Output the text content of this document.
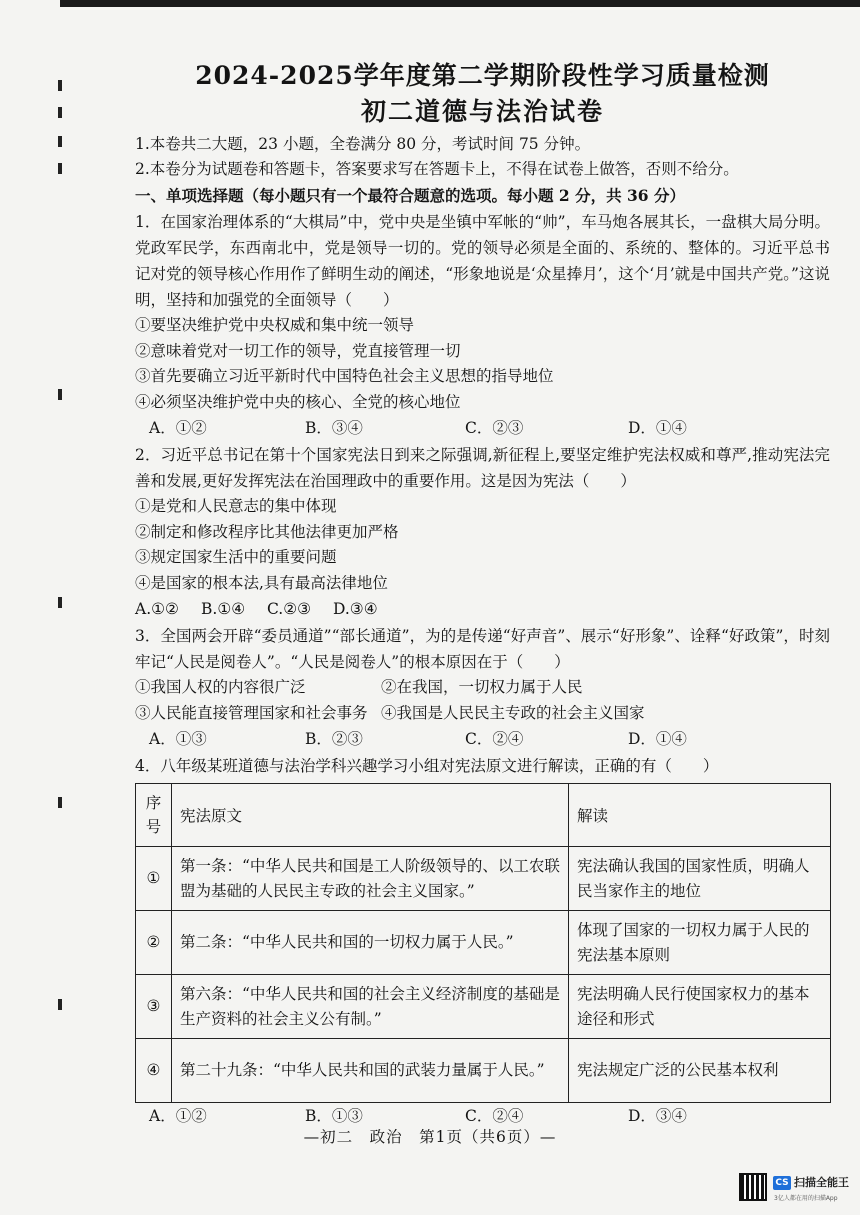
2024-2025学年度第二学期阶段性学习质量检测
初二道德与法治试卷
1.本卷共二大题，23 小题，全卷满分 80 分，考试时间 75 分钟。
2.本卷分为试题卷和答题卡，答案要求写在答题卡上，不得在试卷上做答，否则不给分。
一、单项选择题（每小题只有一个最符合题意的选项。每小题 2 分，共 36 分）
1．在国家治理体系的“大棋局”中，党中央是坐镇中军帐的“帅”，车马炮各展其长，一盘棋大局分明。党政军民学，东西南北中，党是领导一切的。党的领导必须是全面的、系统的、整体的。习近平总书记对党的领导核心作用作了鲜明生动的阐述，“形象地说是‘众星捧月’，这个‘月’就是中国共产党。”这说明，坚持和加强党的全面领导（　　）
①要坚决维护党中央权威和集中统一领导
②意味着党对一切工作的领导，党直接管理一切
③首先要确立习近平新时代中国特色社会主义思想的指导地位
④必须坚决维护党中央的核心、全党的核心地位
A．①②	B．③④	C．②③	D．①④
2．习近平总书记在第十个国家宪法日到来之际强调,新征程上,要坚定维护宪法权威和尊严,推动宪法完善和发展,更好发挥宪法在治国理政中的重要作用。这是因为宪法（　　）
①是党和人民意志的集中体现
②制定和修改程序比其他法律更加严格
③规定国家生活中的重要问题
④是国家的根本法,具有最高法律地位
A.①②	B.①④	C.②③	D.③④
3．全国两会开辟“委员通道”“部长通道”，为的是传递“好声音”、展示“好形象”、诠释“好政策”，时刻牢记“人民是阅卷人”。“人民是阅卷人”的根本原因在于（　　）
①我国人权的内容很广泛	②在我国，一切权力属于人民
③人民能直接管理国家和社会事务 ④我国是人民民主专政的社会主义国家
A．①③	B．②③	C．②④	D．①④
4．八年级某班道德与法治学科兴趣学习小组对宪法原文进行解读，正确的有（　　）
序号	宪法原文	解读
①	第一条：“中华人民共和国是工人阶级领导的、以工农联盟为基础的人民民主专政的社会主义国家。”	宪法确认我国的国家性质，明确人民当家作主的地位
②	第二条：“中华人民共和国的一切权力属于人民。”	体现了国家的一切权力属于人民的宪法基本原则
③	第六条：“中华人民共和国的社会主义经济制度的基础是生产资料的社会主义公有制。”	宪法明确人民行使国家权力的基本途径和形式
④	第二十九条：“中华人民共和国的武装力量属于人民。”	宪法规定广泛的公民基本权利
A．①②	B．①③	C．②④	D．③④
—初二　政治　第1页（共6页）—
CS 扫描全能王
3亿人都在用的扫描App
